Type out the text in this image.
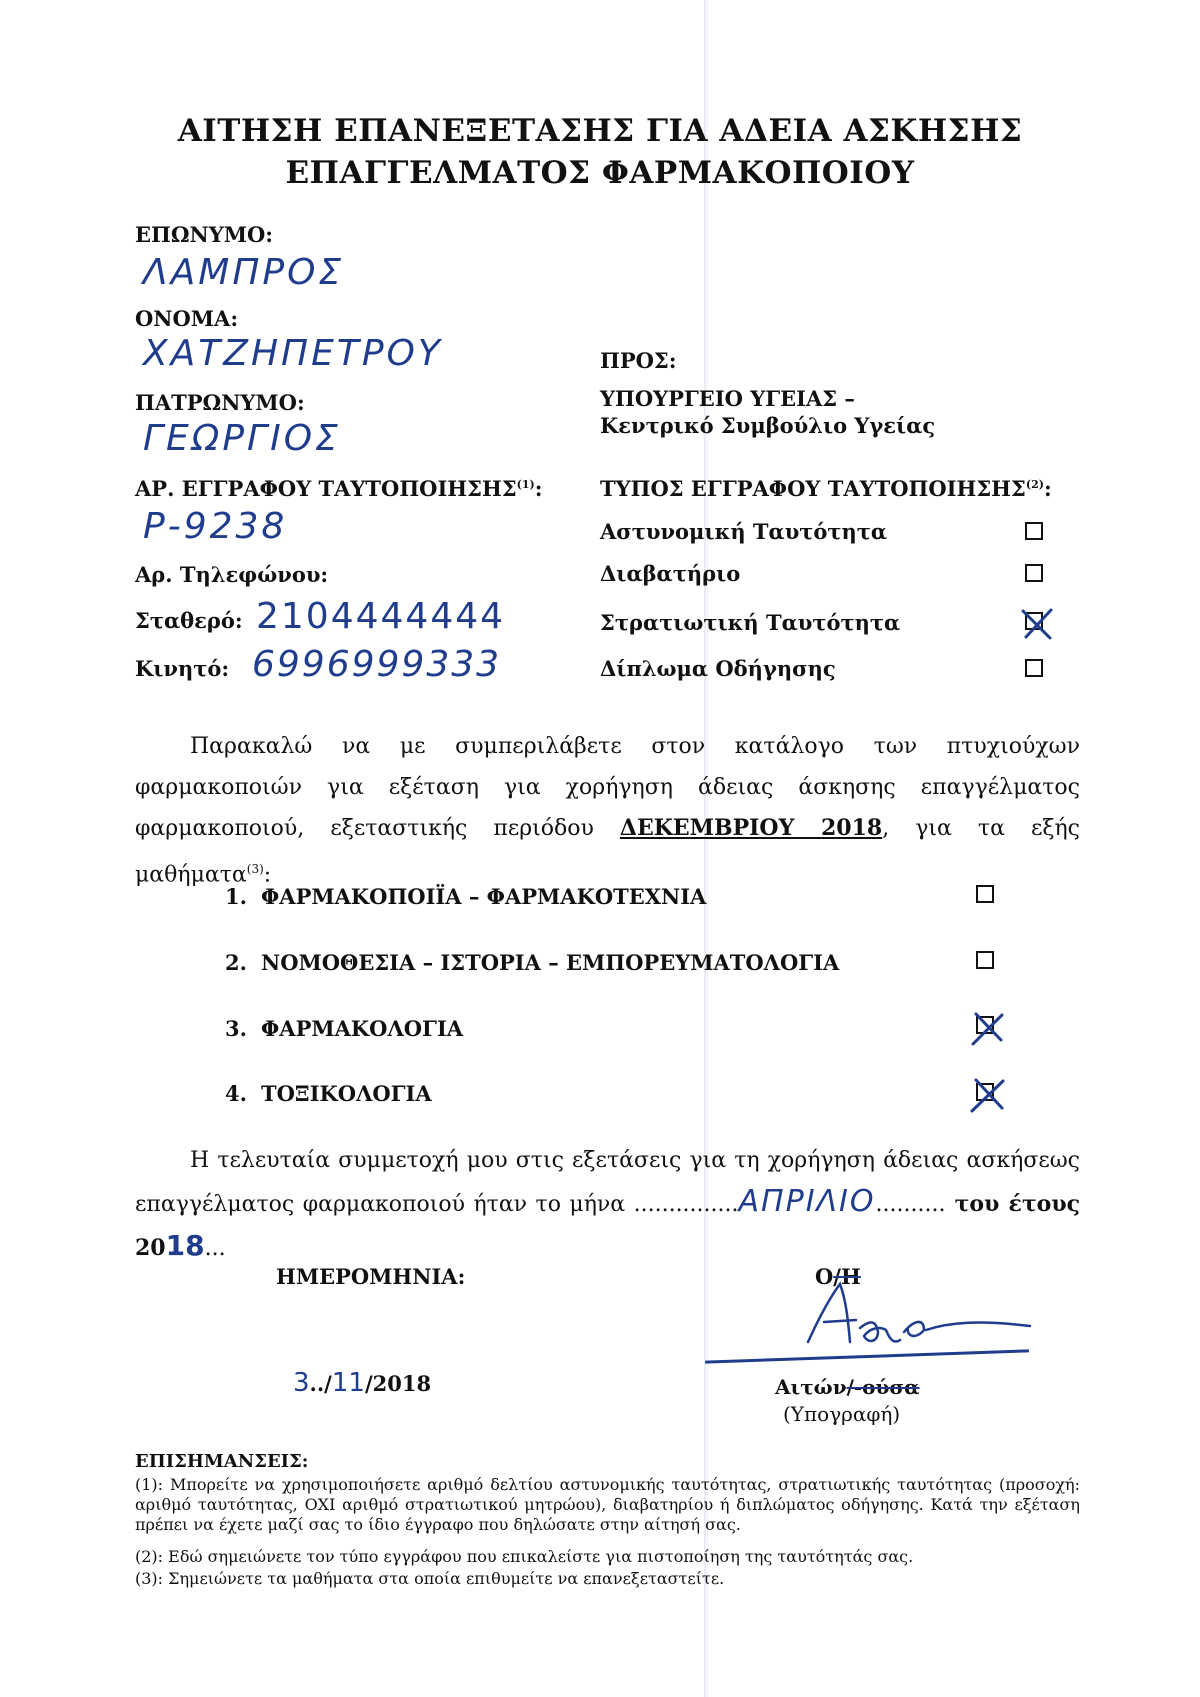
ΑΙΤΗΣΗ ΕΠΑΝΕΞΕΤΑΣΗΣ ΓΙΑ ΑΔΕΙΑ ΑΣΚΗΣΗΣ
ΕΠΑΓΓΕΛΜΑΤΟΣ ΦΑΡΜΑΚΟΠΟΙΟΥ
ΕΠΩΝΥΜΟ:
ΛΑΜΠΡΟΣ
ΟΝΟΜΑ:
ΧΑΤΖΗΠΕΤΡΟΥ
ΠΑΤΡΩΝΥΜΟ:
ΓΕΩΡΓΙΟΣ
ΑΡ. ΕΓΓΡΑΦΟΥ ΤΑΥΤΟΠΟΙΗΣΗΣ$^{(1)}$:
Ρ-9238
Αρ. Τηλεφώνου:
Σταθερό: 2104444444
Κινητό: 6996999333
ΠΡΟΣ:
ΥΠΟΥΡΓΕΙΟ ΥΓΕΙΑΣ –
Κεντρικό Συμβούλιο Υγείας
ΤΥΠΟΣ ΕΓΓΡΑΦΟΥ ΤΑΥΤΟΠΟΙΗΣΗΣ$^{(2)}$:
Αστυνομική Ταυτότητα
Διαβατήριο
Στρατιωτική Ταυτότητα
Δίπλωμα Οδήγησης
Παρακαλώ να με συμπεριλάβετε στον κατάλογο των πτυχιούχων φαρμακοποιών για εξέταση για χορήγηση άδειας άσκησης επαγγέλματος φαρμακοποιού, εξεταστικής περιόδου ΔΕΚΕΜΒΡΙΟΥ 2018, για τα εξής μαθήματα$^{(3)}$:
1. ΦΑΡΜΑΚΟΠΟΙΪΑ – ΦΑΡΜΑΚΟΤΕΧΝΙΑ
2. ΝΟΜΟΘΕΣΙΑ – ΙΣΤΟΡΙΑ – ΕΜΠΟΡΕΥΜΑΤΟΛΟΓΙΑ
3. ΦΑΡΜΑΚΟΛΟΓΙΑ
4. ΤΟΞΙΚΟΛΟΓΙΑ
Η τελευταία συμμετοχή μου στις εξετάσεις για τη χορήγηση άδειας ασκήσεως επαγγέλματος φαρμακοποιού ήταν το μήνα ...............ΑΠΡΙΛΙΟ.......... του έτους 2018...
ΗΜΕΡΟΜΗΝΙΑ:
3../11/2018
Ο/Η
Αιτών/-ούσα
(Υπογραφή)
ΕΠΙΣΗΜΑΝΣΕΙΣ:
(1): Μπορείτε να χρησιμοποιήσετε αριθμό δελτίου αστυνομικής ταυτότητας, στρατιωτικής ταυτότητας (προσοχή: αριθμό ταυτότητας, ΟΧΙ αριθμό στρατιωτικού μητρώου), διαβατηρίου ή διπλώματος οδήγησης. Κατά την εξέταση πρέπει να έχετε μαζί σας το ίδιο έγγραφο που δηλώσατε στην αίτησή σας.
(2): Εδώ σημειώνετε τον τύπο εγγράφου που επικαλείστε για πιστοποίηση της ταυτότητάς σας.
(3): Σημειώνετε τα μαθήματα στα οποία επιθυμείτε να επανεξεταστείτε.
